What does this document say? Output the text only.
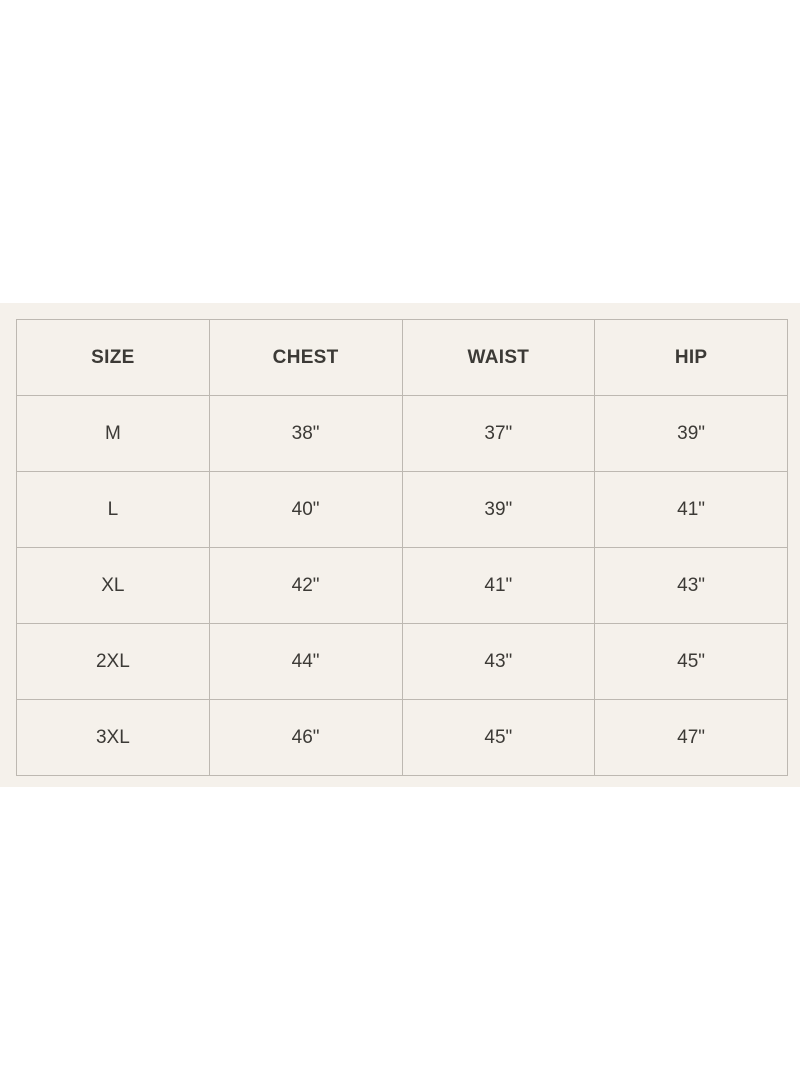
SIZE	CHEST	WAIST	HIP
M	38"	37"	39"
L	40"	39"	41"
XL	42"	41"	43"
2XL	44"	43"	45"
3XL	46"	45"	47"
